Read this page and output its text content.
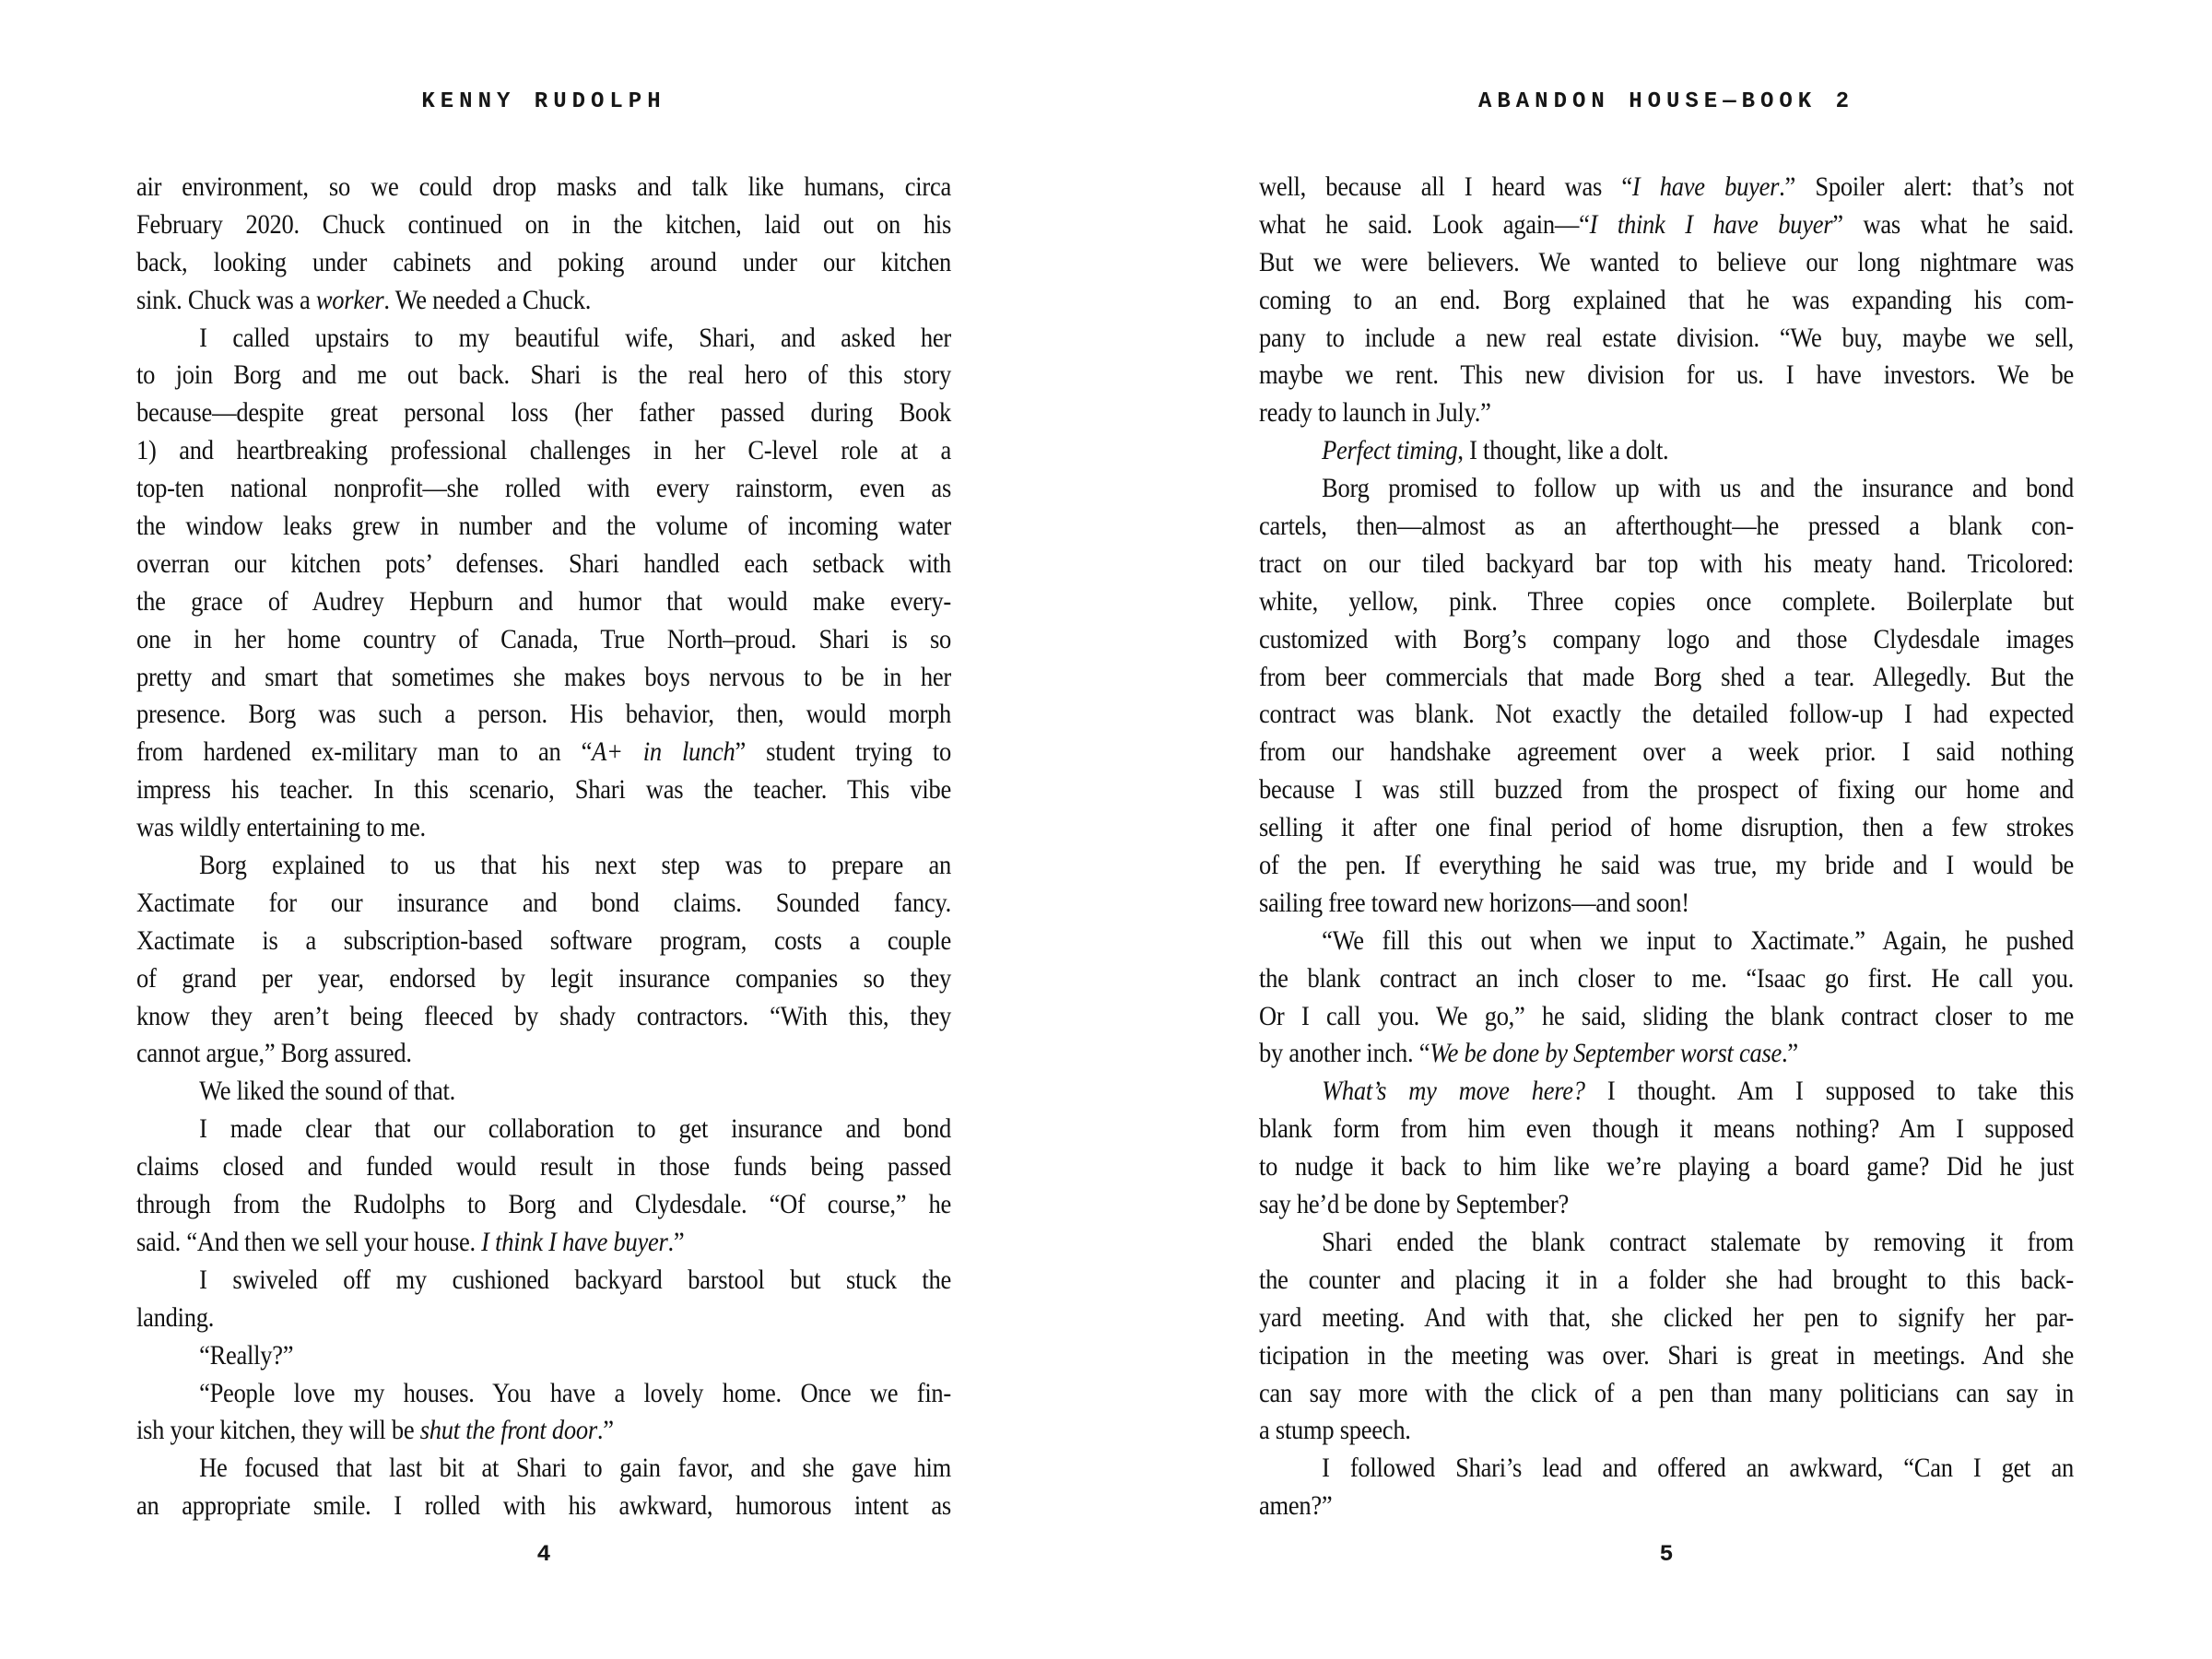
KENNY RUDOLPH
air environment, so we could drop masks and talk like humans, circa
February 2020. Chuck continued on in the kitchen, laid out on his
back, looking under cabinets and poking around under our kitchen
sink. Chuck was a worker. We needed a Chuck.
I called upstairs to my beautiful wife, Shari, and asked her
to join Borg and me out back. Shari is the real hero of this story
because—despite great personal loss (her father passed during Book
1) and heartbreaking professional challenges in her C-level role at a
top-ten national nonprofit—she rolled with every rainstorm, even as
the window leaks grew in number and the volume of incoming water
overran our kitchen pots’ defenses. Shari handled each setback with
the grace of Audrey Hepburn and humor that would make every-
one in her home country of Canada, True North–proud. Shari is so
pretty and smart that sometimes she makes boys nervous to be in her
presence. Borg was such a person. His behavior, then, would morph
from hardened ex-military man to an “A+ in lunch” student trying to
impress his teacher. In this scenario, Shari was the teacher. This vibe
was wildly entertaining to me.
Borg explained to us that his next step was to prepare an
Xactimate for our insurance and bond claims. Sounded fancy.
Xactimate is a subscription-based software program, costs a couple
of grand per year, endorsed by legit insurance companies so they
know they aren’t being fleeced by shady contractors. “With this, they
cannot argue,” Borg assured.
We liked the sound of that.
I made clear that our collaboration to get insurance and bond
claims closed and funded would result in those funds being passed
through from the Rudolphs to Borg and Clydesdale. “Of course,” he
said. “And then we sell your house. I think I have buyer.”
I swiveled off my cushioned backyard barstool but stuck the
landing.
“Really?”
“People love my houses. You have a lovely home. Once we fin-
ish your kitchen, they will be shut the front door.”
He focused that last bit at Shari to gain favor, and she gave him
an appropriate smile. I rolled with his awkward, humorous intent as
4
ABANDON HOUSE—BOOK 2
well, because all I heard was “I have buyer.” Spoiler alert: that’s not
what he said. Look again—“I think I have buyer” was what he said.
But we were believers. We wanted to believe our long nightmare was
coming to an end. Borg explained that he was expanding his com-
pany to include a new real estate division. “We buy, maybe we sell,
maybe we rent. This new division for us. I have investors. We be
ready to launch in July.”
Perfect timing, I thought, like a dolt.
Borg promised to follow up with us and the insurance and bond
cartels, then—almost as an afterthought—he pressed a blank con-
tract on our tiled backyard bar top with his meaty hand. Tricolored:
white, yellow, pink. Three copies once complete. Boilerplate but
customized with Borg’s company logo and those Clydesdale images
from beer commercials that made Borg shed a tear. Allegedly. But the
contract was blank. Not exactly the detailed follow-up I had expected
from our handshake agreement over a week prior. I said nothing
because I was still buzzed from the prospect of fixing our home and
selling it after one final period of home disruption, then a few strokes
of the pen. If everything he said was true, my bride and I would be
sailing free toward new horizons—and soon!
“We fill this out when we input to Xactimate.” Again, he pushed
the blank contract an inch closer to me. “Isaac go first. He call you.
Or I call you. We go,” he said, sliding the blank contract closer to me
by another inch. “We be done by September worst case.”
What’s my move here? I thought. Am I supposed to take this
blank form from him even though it means nothing? Am I supposed
to nudge it back to him like we’re playing a board game? Did he just
say he’d be done by September?
Shari ended the blank contract stalemate by removing it from
the counter and placing it in a folder she had brought to this back-
yard meeting. And with that, she clicked her pen to signify her par-
ticipation in the meeting was over. Shari is great in meetings. And she
can say more with the click of a pen than many politicians can say in
a stump speech.
I followed Shari’s lead and offered an awkward, “Can I get an
amen?”
5
